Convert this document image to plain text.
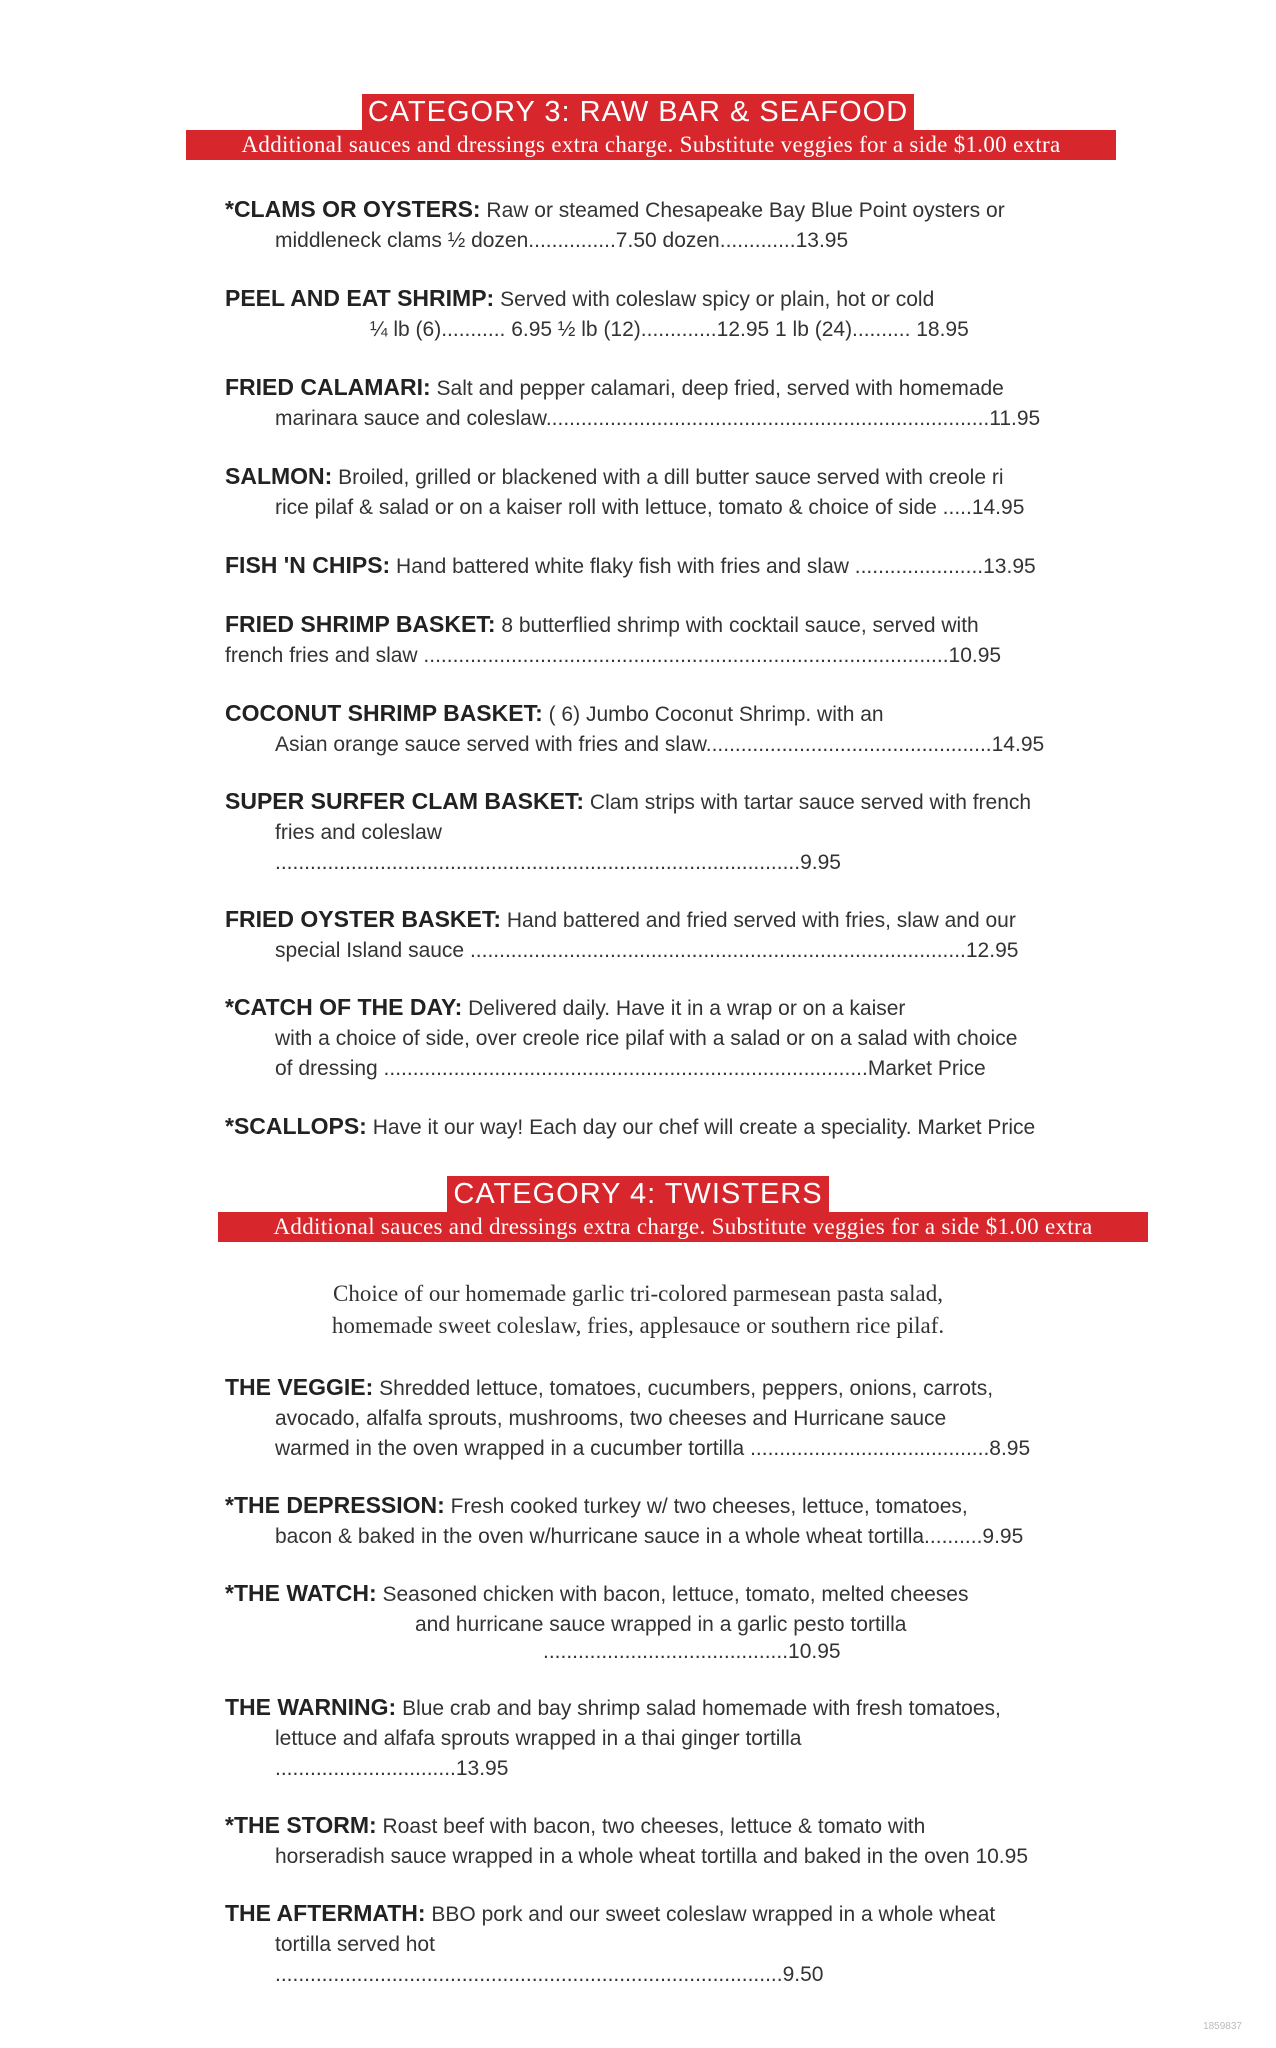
CATEGORY 3: RAW BAR & SEAFOOD
Additional sauces and dressings extra charge. Substitute veggies for a side $1.00 extra
*CLAMS OR OYSTERS: Raw or steamed Chesapeake Bay Blue Point oysters or
middleneck clams ½ dozen...............7.50 dozen.............13.95
PEEL AND EAT SHRIMP: Served with coleslaw spicy or plain, hot or cold
¼ lb (6)........... 6.95 ½ lb (12).............12.95 1 lb (24).......... 18.95
FRIED CALAMARI: Salt and pepper calamari, deep fried, served with homemade
marinara sauce and coleslaw............................................................................11.95
SALMON: Broiled, grilled or blackened with a dill butter sauce served with creole ri
rice pilaf & salad or on a kaiser roll with lettuce, tomato & choice of side .....14.95
FISH 'N CHIPS: Hand battered white flaky fish with fries and slaw ......................13.95
FRIED SHRIMP BASKET: 8 butterflied shrimp with cocktail sauce, served with
french fries and slaw ..........................................................................................10.95
COCONUT SHRIMP BASKET: ( 6) Jumbo Coconut Shrimp. with an
Asian orange sauce served with fries and slaw.................................................14.95
SUPER SURFER CLAM BASKET: Clam strips with tartar sauce served with french
fries and coleslaw
..........................................................................................9.95
FRIED OYSTER BASKET: Hand battered and fried served with fries, slaw and our
special Island sauce .....................................................................................12.95
*CATCH OF THE DAY: Delivered daily. Have it in a wrap or on a kaiser
with a choice of side, over creole rice pilaf with a salad or on a salad with choice
of dressing ...................................................................................Market Price
*SCALLOPS: Have it our way! Each day our chef will create a speciality. Market Price
CATEGORY 4: TWISTERS
Additional sauces and dressings extra charge. Substitute veggies for a side $1.00 extra
Choice of our homemade garlic tri-colored parmesean pasta salad,
homemade sweet coleslaw, fries, applesauce or southern rice pilaf.
THE VEGGIE: Shredded lettuce, tomatoes, cucumbers, peppers, onions, carrots,
avocado, alfalfa sprouts, mushrooms, two cheeses and Hurricane sauce
warmed in the oven wrapped in a cucumber tortilla .........................................8.95
*THE DEPRESSION: Fresh cooked turkey w/ two cheeses, lettuce, tomatoes,
bacon & baked in the oven w/hurricane sauce in a whole wheat tortilla..........9.95
*THE WATCH: Seasoned chicken with bacon, lettuce, tomato, melted cheeses
and hurricane sauce wrapped in a garlic pesto tortilla
..........................................10.95
THE WARNING: Blue crab and bay shrimp salad homemade with fresh tomatoes,
lettuce and alfafa sprouts wrapped in a thai ginger tortilla
...............................13.95
*THE STORM: Roast beef with bacon, two cheeses, lettuce & tomato with
horseradish sauce wrapped in a whole wheat tortilla and baked in the oven 10.95
THE AFTERMATH: BBO pork and our sweet coleslaw wrapped in a whole wheat
tortilla served hot
.......................................................................................9.50
1859837
